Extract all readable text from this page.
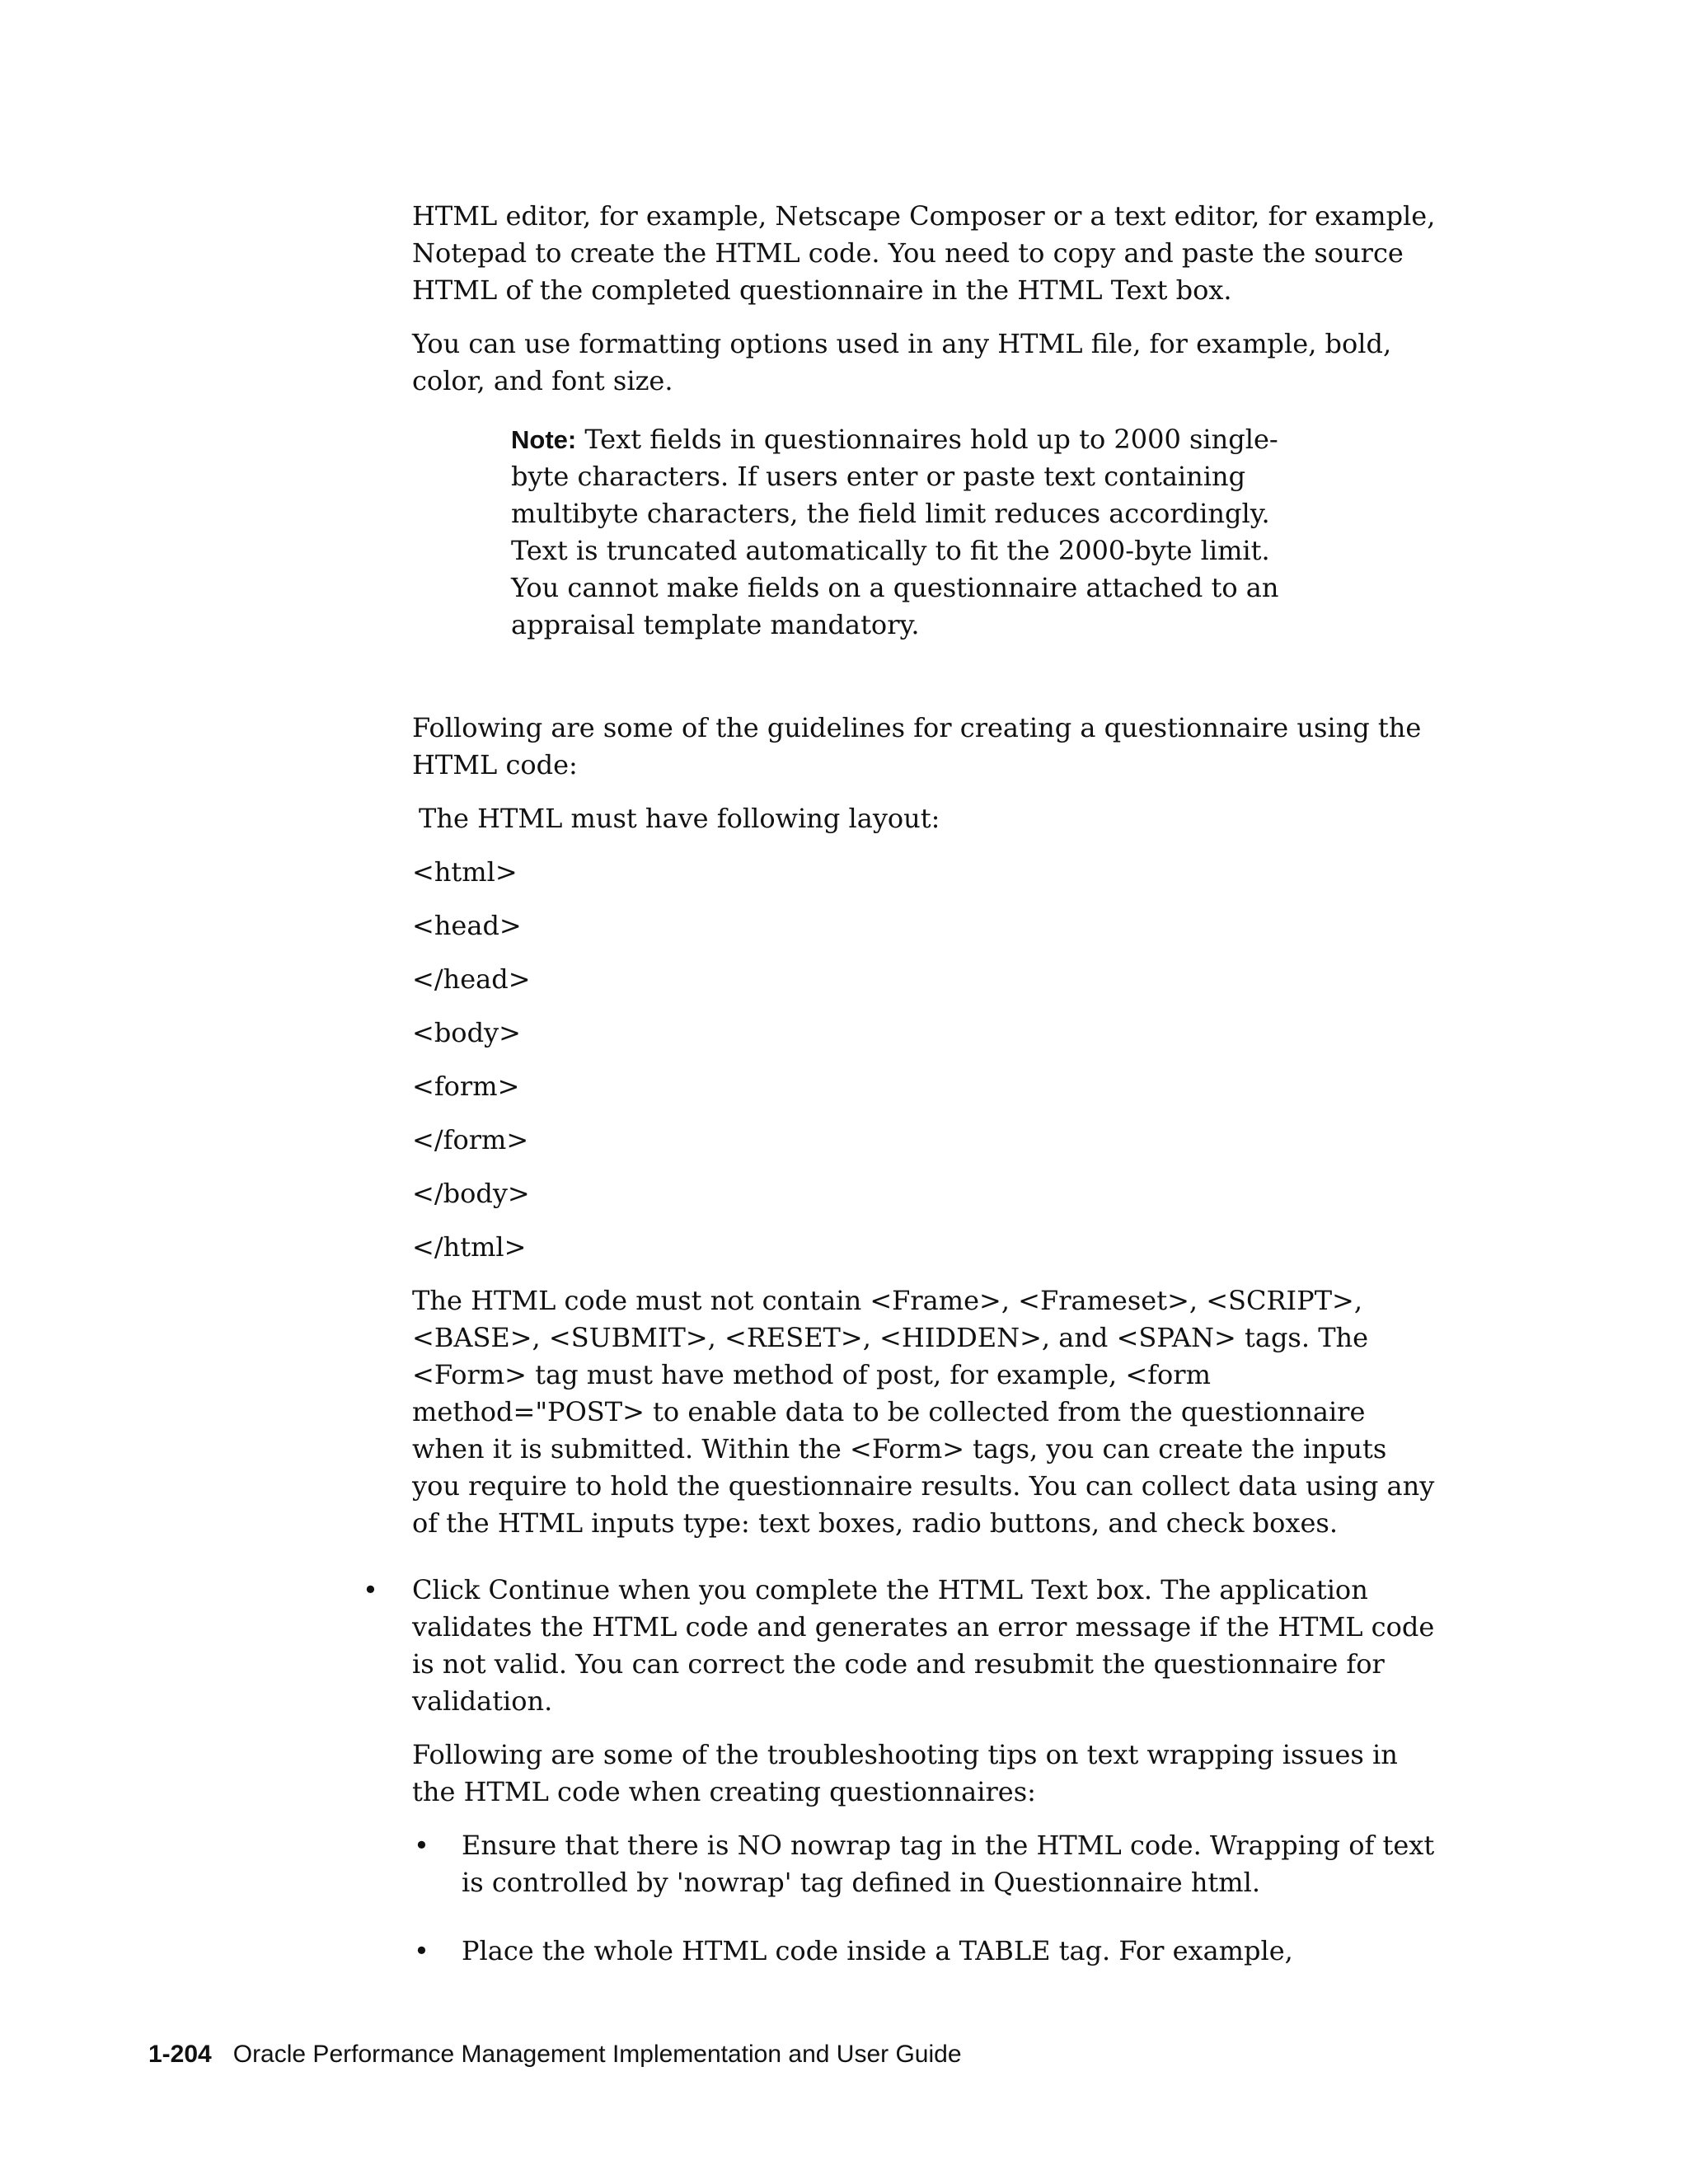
HTML editor, for example, Netscape Composer or a text editor, for example, Notepad to create the HTML code. You need to copy and paste the source HTML of the completed questionnaire in the HTML Text box.

You can use formatting options used in any HTML file, for example, bold, color, and font size.

Note: Text fields in questionnaires hold up to 2000 single-byte characters. If users enter or paste text containing multibyte characters, the field limit reduces accordingly. Text is truncated automatically to fit the 2000-byte limit. You cannot make fields on a questionnaire attached to an appraisal template mandatory.

Following are some of the guidelines for creating a questionnaire using the HTML code:

The HTML must have following layout:

<html>

<head>

</head>

<body>

<form>

</form>

</body>

</html>

The HTML code must not contain <Frame>, <Frameset>, <SCRIPT>, <BASE>, <SUBMIT>, <RESET>, <HIDDEN>, and <SPAN> tags. The <Form> tag must have method of post, for example, <form method="POST> to enable data to be collected from the questionnaire when it is submitted. Within the <Form> tags, you can create the inputs you require to hold the questionnaire results. You can collect data using any of the HTML inputs type: text boxes, radio buttons, and check boxes.

• Click Continue when you complete the HTML Text box. The application validates the HTML code and generates an error message if the HTML code is not valid. You can correct the code and resubmit the questionnaire for validation.

Following are some of the troubleshooting tips on text wrapping issues in the HTML code when creating questionnaires:

• Ensure that there is NO nowrap tag in the HTML code. Wrapping of text is controlled by 'nowrap' tag defined in Questionnaire html.

• Place the whole HTML code inside a TABLE tag. For example,

1-204 Oracle Performance Management Implementation and User Guide
